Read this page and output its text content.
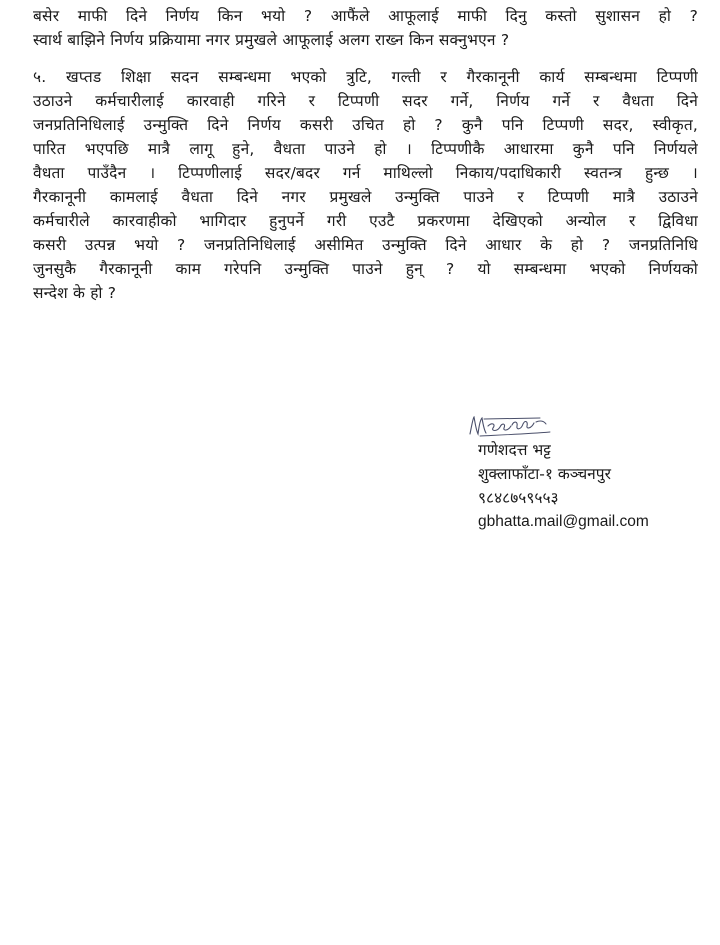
बसेर माफी दिने निर्णय किन भयो ? आफैंले आफूलाई माफी दिनु कस्तो सुशासन हो ?
स्वार्थ बाझिने निर्णय प्रक्रियामा नगर प्रमुखले आफूलाई अलग राख्न किन सक्नुभएन ?
५. खप्तड शिक्षा सदन सम्बन्धमा भएको त्रुटि, गल्ती र गैरकानूनी कार्य सम्बन्धमा टिप्पणी
उठाउने कर्मचारीलाई कारवाही गरिने र टिप्पणी सदर गर्ने, निर्णय गर्ने र वैधता दिने
जनप्रतिनिधिलाई उन्मुक्ति दिने निर्णय कसरी उचित हो ? कुनै पनि टिप्पणी सदर, स्वीकृत,
पारित भएपछि मात्रै लागू हुने, वैधता पाउने हो । टिप्पणीकै आधारमा कुनै पनि निर्णयले
वैधता पाउँदैन । टिप्पणीलाई सदर/बदर गर्न माथिल्लो निकाय/पदाधिकारी स्वतन्त्र हुन्छ ।
गैरकानूनी कामलाई वैधता दिने नगर प्रमुखले उन्मुक्ति पाउने र टिप्पणी मात्रै उठाउने
कर्मचारीले कारवाहीको भागिदार हुनुपर्ने गरी एउटै प्रकरणमा देखिएको अन्योल र द्विविधा
कसरी उत्पन्न भयो ? जनप्रतिनिधिलाई असीमित उन्मुक्ति दिने आधार के हो ? जनप्रतिनिधि
जुनसुकै गैरकानूनी काम गरेपनि उन्मुक्ति पाउने हुन् ? यो सम्बन्धमा भएको निर्णयको
सन्देश के हो ?
गणेशदत्त भट्ट
शुक्लाफाँटा-१ कञ्चनपुर
९८४८७५९५५३
gbhatta.mail@gmail.com
